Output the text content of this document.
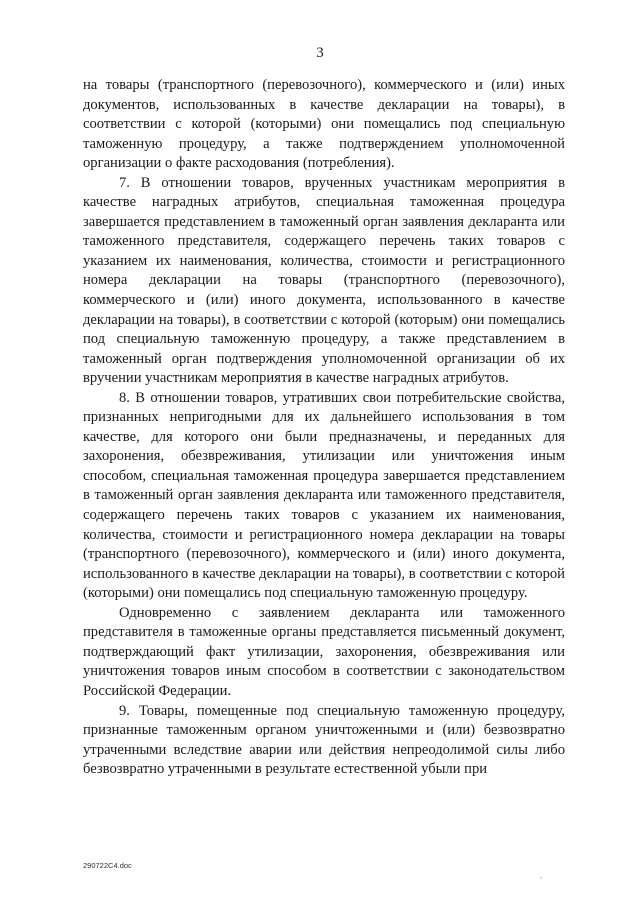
3

на товары (транспортного (перевозочного), коммерческого и (или) иных документов, использованных в качестве декларации на товары), в соответствии с которой (которыми) они помещались под специальную таможенную процедуру, а также подтверждением уполномоченной организации о факте расходования (потребления).

7. В отношении товаров, врученных участникам мероприятия в качестве наградных атрибутов, специальная таможенная процедура завершается представлением в таможенный орган заявления декларанта или таможенного представителя, содержащего перечень таких товаров с указанием их наименования, количества, стоимости и регистрационного номера декларации на товары (транспортного (перевозочного), коммерческого и (или) иного документа, использованного в качестве декларации на товары), в соответствии с которой (которым) они помещались под специальную таможенную процедуру, а также представлением в таможенный орган подтверждения уполномоченной организации об их вручении участникам мероприятия в качестве наградных атрибутов.

8. В отношении товаров, утративших свои потребительские свойства, признанных непригодными для их дальнейшего использования в том качестве, для которого они были предназначены, и переданных для захоронения, обезвреживания, утилизации или уничтожения иным способом, специальная таможенная процедура завершается представлением в таможенный орган заявления декларанта или таможенного представителя, содержащего перечень таких товаров с указанием их наименования, количества, стоимости и регистрационного номера декларации на товары (транспортного (перевозочного), коммерческого и (или) иного документа, использованного в качестве декларации на товары), в соответствии с которой (которыми) они помещались под специальную таможенную процедуру.

Одновременно с заявлением декларанта или таможенного представителя в таможенные органы представляется письменный документ, подтверждающий факт утилизации, захоронения, обезвреживания или уничтожения товаров иным способом в соответствии с законодательством Российской Федерации.

9. Товары, помещенные под специальную таможенную процедуру, признанные таможенным органом уничтоженными и (или) безвозвратно утраченными вследствие аварии или действия непреодолимой силы либо безвозвратно утраченными в результате естественной убыли при

290722С4.doc
